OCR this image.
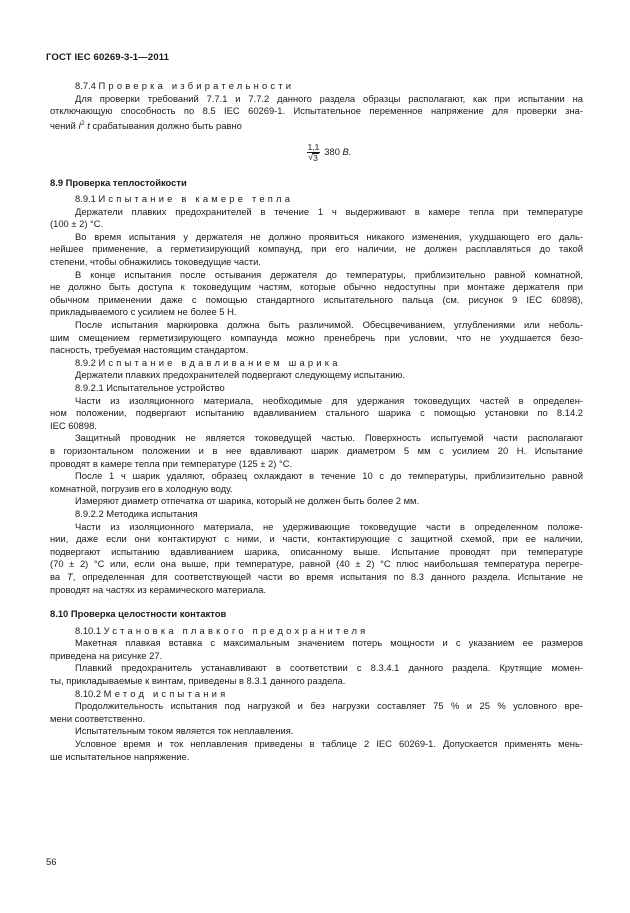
ГОСТ IEC 60269-3-1—2011

8.7.4 Проверка избирательности

Для проверки требований 7.7.1 и 7.7.2 данного раздела образцы располагают, как при испытании на

отключающую способность по 8.5 IEC 60269-1. Испытательное переменное напряжение для проверки зна-

чений $I^2$ t срабатывания должно быть равно

$\frac{1,1}{√ 3} 380$
В.

8.9 Проверка теплостойкости

8.9.1 Испытание в камере тепла

Держатели плавких предохранителей в течение 1 ч выдерживают в камере тепла при температуре

(100 ± 2) °С.

Во время испытания у держателя не должно проявиться никакого изменения, ухудшающего его даль-

нейшее применение, а герметизирующий компаунд, при его наличии, не должен расплавляться до такой

степени, чтобы обнажились токоведущие части.

В конце испытания после остывания держателя до температуры, приблизительно равной комнатной,

не должно быть доступа к токоведущим частям, которые обычно недоступны при монтаже держателя при

обычном применении даже с помощью стандартного испытательного пальца (см. рисунок 9 IEC 60898),

прикладываемого с усилием не более 5 Н.

После испытания маркировка должна быть различимой. Обесцвечиванием, углублениями или неболь-

шим смещением герметизирующего компаунда можно пренебречь при условии, что не ухудшается безо-

пасность, требуемая настоящим стандартом.

8.9.2 Испытание вдавливанием шарика

Держатели плавких предохранителей подвергают следующему испытанию.

8.9.2.1 Испытательное устройство

Части из изоляционного материала, необходимые для удержания токоведущих частей в определен-

ном положении, подвергают испытанию вдавливанием стального шарика с помощью установки по 8.14.2

IEC 60898.

Защитный проводник не является токоведущей частью. Поверхность испытуемой части располагают

в горизонтальном положении и в нее вдавливают шарик диаметром 5 мм с усилием 20 Н. Испытание

проводят в камере тепла при температуре (125 ± 2) °С.

После 1 ч шарик удаляют, образец охлаждают в течение 10 с до температуры, приблизительно равной

комнатной, погрузив его в холодную воду.

Измеряют диаметр отпечатка от шарика, который не должен быть более 2 мм.

8.9.2.2 Методика испытания

Части из изоляционного материала, не удерживающие токоведущие части в определенном положе-

нии, даже если они контактируют с ними, и части, контактирующие с защитной схемой, при ее наличии,

подвергают испытанию вдавливанием шарика, описанному выше. Испытание проводят при температуре

(70 ± 2) °С или, если она выше, при температуре, равной (40 ± 2) °С плюс наибольшая температура перегре-

ва T, определенная для соответствующей части во время испытания по 8.3 данного раздела. Испытание не

проводят на частях из керамического материала.

8.10 Проверка целостности контактов

8.10.1 Установка плавкого предохранителя

Макетная плавкая вставка с максимальным значением потерь мощности и с указанием ее размеров

приведена на рисунке 27.

Плавкий предохранитель устанавливают в соответствии с 8.3.4.1 данного раздела. Крутящие момен-

ты, прикладываемые к винтам, приведены в 8.3.1 данного раздела.

8.10.2 Метод испытания

Продолжительность испытания под нагрузкой и без нагрузки составляет 75 % и 25 % условного вре-

мени соответственно.

Испытательным током является ток неплавления.

Условное время и ток неплавления приведены в таблице 2 IEC 60269-1. Допускается применять мень-

ше испытательное напряжение.

56
